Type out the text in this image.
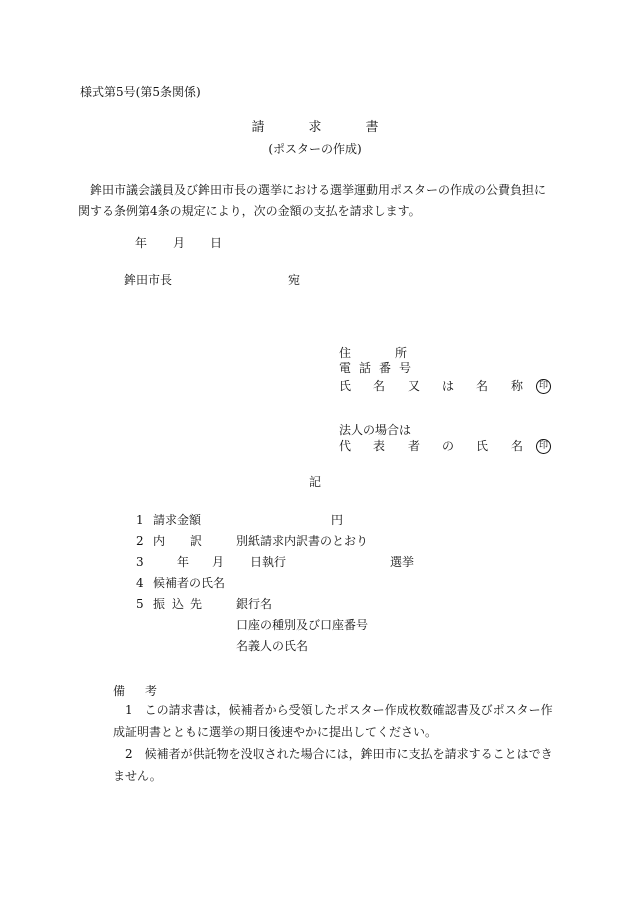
様式第5号(第5条関係)
請	求	書
(ポスターの作成)
鉾田市議会議員及び鉾田市長の選挙における選挙運動用ポスターの作成の公費負担に関する条例第4条の規定により，次の金額の支払を請求します。
年 月 日
鉾田市長	宛
住	所
電 話 番 号
氏 名 又 は 名 称	印
法人の場合は
代 表 者 の 氏 名	印
記
1 請求金額	円
2 内 訳	別紙請求内訳書のとおり
3	年 月 日執行	選挙
4 候補者の氏名
5 振 込 先	銀行名
口座の種別及び口座番号
名義人の氏名
備 考
1 この請求書は，候補者から受領したポスター作成枚数確認書及びポスター作成証明書とともに選挙の期日後速やかに提出してください。
2 候補者が供託物を没収された場合には，鉾田市に支払を請求することはできません。
